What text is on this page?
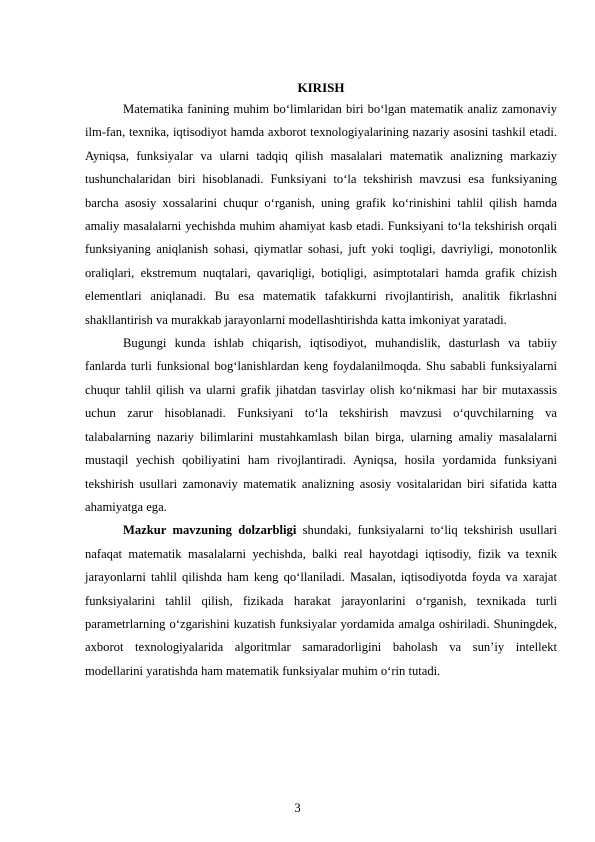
KIRISH

Matematika fanining muhim bo‘limlaridan biri bo‘lgan matematik analiz zamonaviy ilm-fan, texnika, iqtisodiyot hamda axborot texnologiyalarining nazariy asosini tashkil etadi. Ayniqsa, funksiyalar va ularni tadqiq qilish masalalari matematik analizning markaziy tushunchalaridan biri hisoblanadi. Funksiyani to‘la tekshirish mavzusi esa funksiyaning barcha asosiy xossalarini chuqur o‘rganish, uning grafik ko‘rinishini tahlil qilish hamda amaliy masalalarni yechishda muhim ahamiyat kasb etadi. Funksiyani to‘la tekshirish orqali funksiyaning aniqlanish sohasi, qiymatlar sohasi, juft yoki toqligi, davriyligi, monotonlik oraliqlari, ekstremum nuqtalari, qavariqligi, botiqligi, asimptotalari hamda grafik chizish elementlari aniqlanadi. Bu esa matematik tafakkurni rivojlantirish, analitik fikrlashni shakllantirish va murakkab jarayonlarni modellashtirishda katta imkoniyat yaratadi.

Bugungi kunda ishlab chiqarish, iqtisodiyot, muhandislik, dasturlash va tabiiy fanlarda turli funksional bog‘lanishlardan keng foydalanilmoqda. Shu sababli funksiyalarni chuqur tahlil qilish va ularni grafik jihatdan tasvirlay olish ko‘nikmasi har bir mutaxassis uchun zarur hisoblanadi. Funksiyani to‘la tekshirish mavzusi o‘quvchilarning va talabalarning nazariy bilimlarini mustahkamlash bilan birga, ularning amaliy masalalarni mustaqil yechish qobiliyatini ham rivojlantiradi. Ayniqsa, hosila yordamida funksiyani tekshirish usullari zamonaviy matematik analizning asosiy vositalaridan biri sifatida katta ahamiyatga ega.

Mazkur mavzuning dolzarbligi shundaki, funksiyalarni to‘liq tekshirish usullari nafaqat matematik masalalarni yechishda, balki real hayotdagi iqtisodiy, fizik va texnik jarayonlarni tahlil qilishda ham keng qo‘llaniladi. Masalan, iqtisodiyotda foyda va xarajat funksiyalarini tahlil qilish, fizikada harakat jarayonlarini o‘rganish, texnikada turli parametrlarning o‘zgarishini kuzatish funksiyalar yordamida amalga oshiriladi. Shuningdek, axborot texnologiyalarida algoritmlar samaradorligini baholash va sun’iy intellekt modellarini yaratishda ham matematik funksiyalar muhim o‘rin tutadi.

3
